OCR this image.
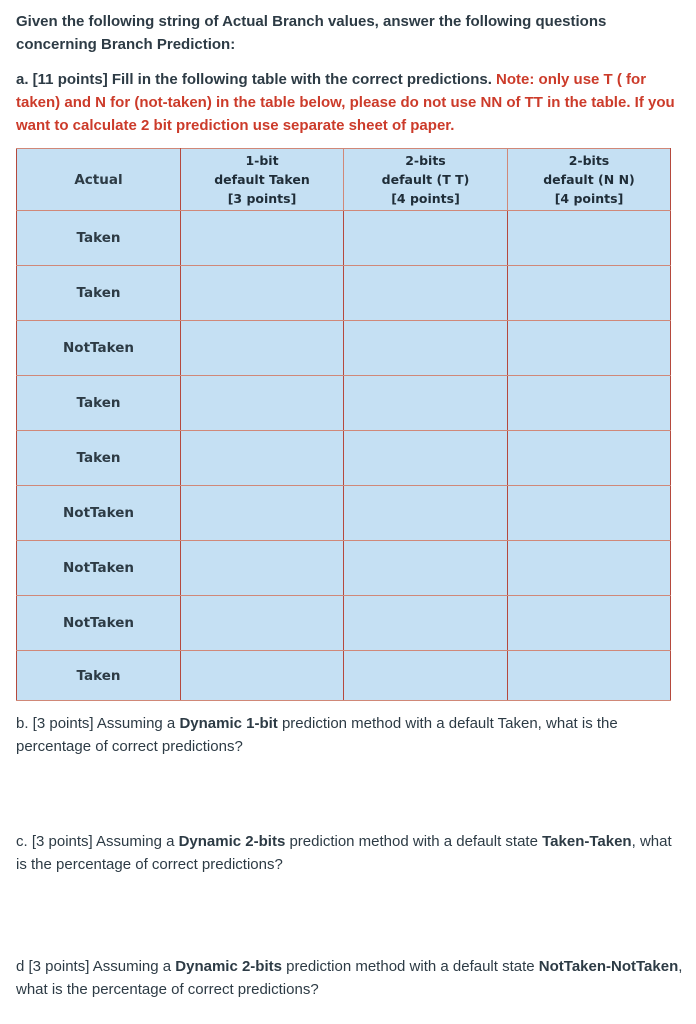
Given the following string of Actual Branch values, answer the following questions concerning Branch Prediction:
a. [11 points] Fill in the following table with the correct predictions. Note: only use T ( for taken) and N for (not-taken) in the table below, please do not use NN of TT in the table. If you want to calculate 2 bit prediction use separate sheet of paper.
Actual	1-bit
default Taken
[3 points]	2-bits
default (T T)
[4 points]	2-bits
default (N N)
[4 points]

Taken			
Taken			
NotTaken			
Taken			
Taken			
NotTaken			
NotTaken			
NotTaken			
Taken			
b. [3 points] Assuming a Dynamic 1-bit prediction method with a default Taken, what is the percentage of correct predictions?
c. [3 points] Assuming a Dynamic 2-bits prediction method with a default state Taken-Taken, what is the percentage of correct predictions?
d [3 points] Assuming a Dynamic 2-bits prediction method with a default state NotTaken-NotTaken, what is the percentage of correct predictions?
